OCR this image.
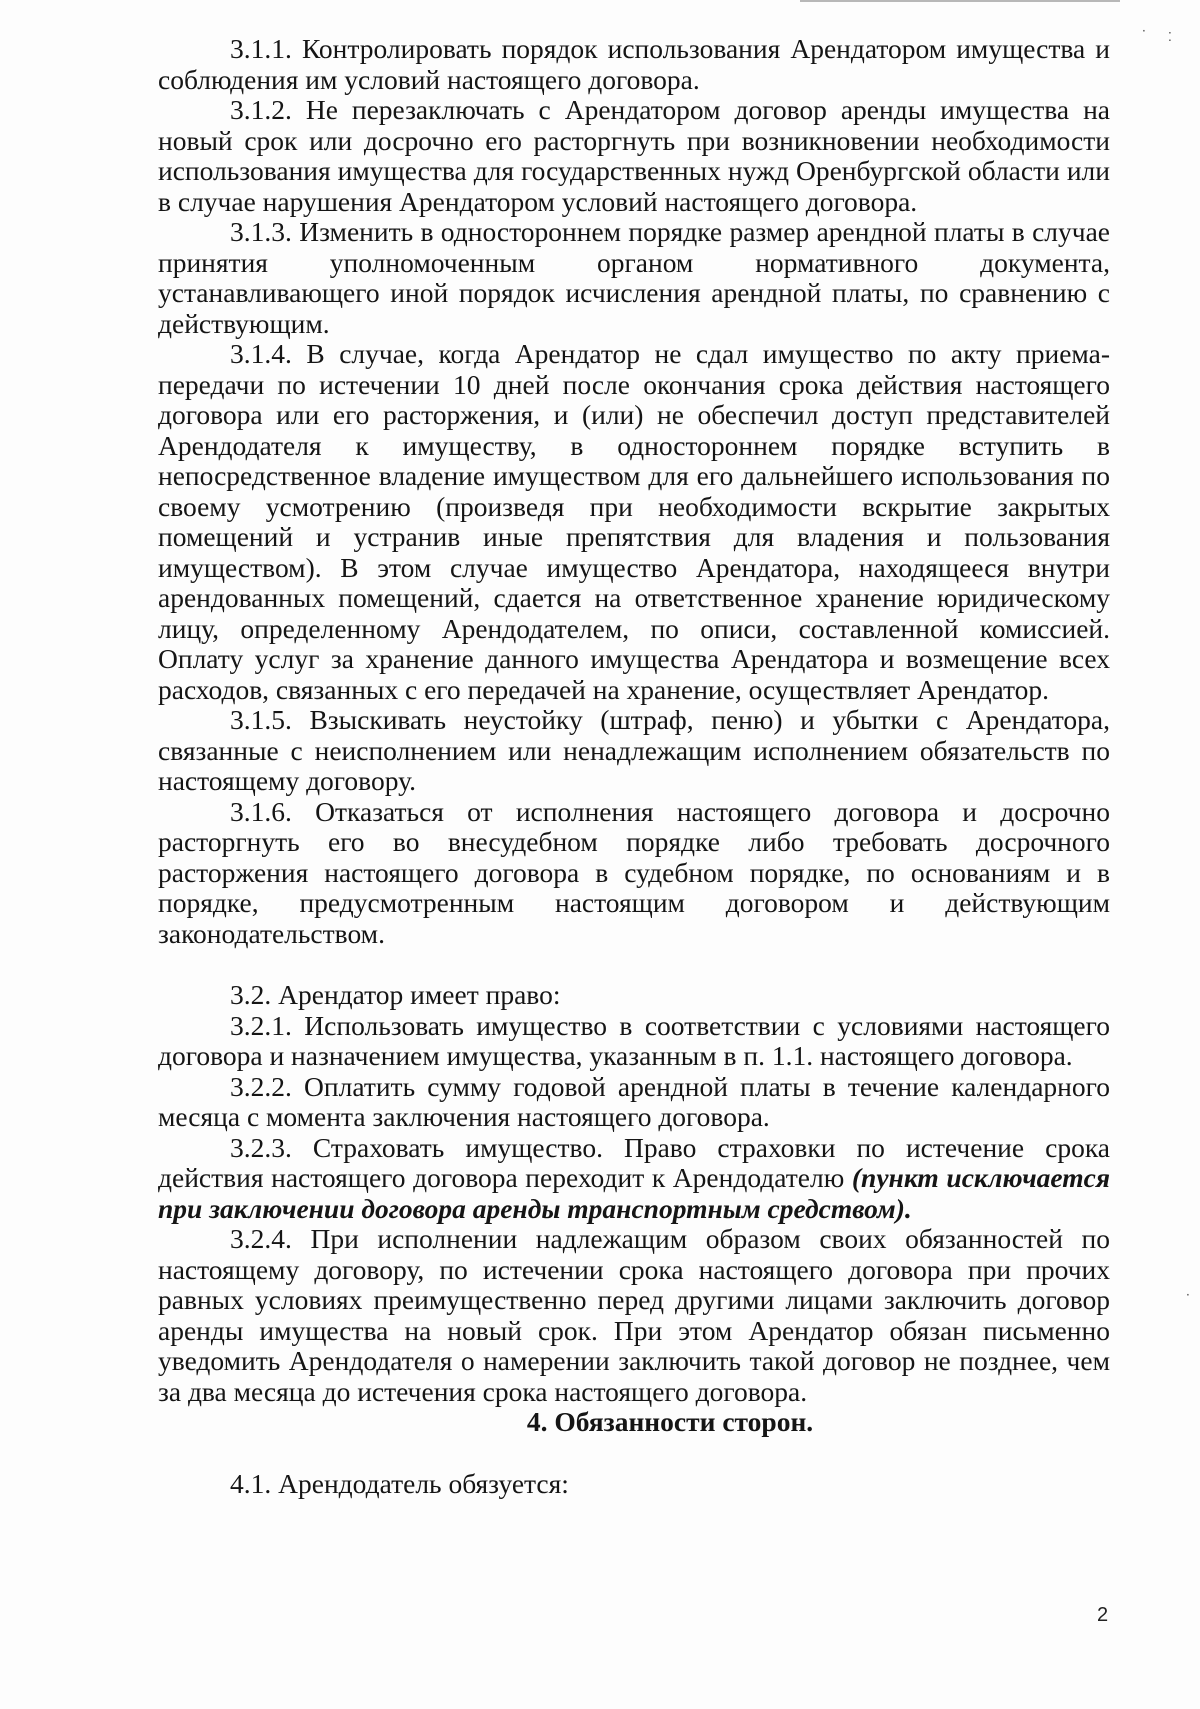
· ⁚
·

3.1.1. Контролировать порядок использования Арендатором имущества и соблюдения им условий настоящего договора.

3.1.2. Не перезаключать с Арендатором договор аренды имущества на новый срок или досрочно его расторгнуть при возникновении необходимости использования имущества для государственных нужд Оренбургской области или в случае нарушения Арендатором условий настоящего договора.

3.1.3. Изменить в одностороннем порядке размер арендной платы в случае принятия уполномоченным органом нормативного документа, устанавливающего иной порядок исчисления арендной платы, по сравнению с действующим.

3.1.4. В случае, когда Арендатор не сдал имущество по акту приема-передачи по истечении 10 дней после окончания срока действия настоящего договора или его расторжения, и (или) не обеспечил доступ представителей Арендодателя к имуществу, в одностороннем порядке вступить в непосредственное владение имуществом для его дальнейшего использования по своему усмотрению (произведя при необходимости вскрытие закрытых помещений и устранив иные препятствия для владения и пользования имуществом). В этом случае имущество Арендатора, находящееся внутри арендованных помещений, сдается на ответственное хранение юридическому лицу, определенному Арендодателем, по описи, составленной комиссией. Оплату услуг за хранение данного имущества Арендатора и возмещение всех расходов, связанных с его передачей на хранение, осуществляет Арендатор.

3.1.5. Взыскивать неустойку (штраф, пеню) и убытки с Арендатора, связанные с неисполнением или ненадлежащим исполнением обязательств по настоящему договору.

3.1.6. Отказаться от исполнения настоящего договора и досрочно расторгнуть его во внесудебном порядке либо требовать досрочного расторжения настоящего договора в судебном порядке, по основаниям и в порядке, предусмотренным настоящим договором и действующим законодательством.

3.2. Арендатор имеет право:

3.2.1. Использовать имущество в соответствии с условиями настоящего договора и назначением имущества, указанным в п. 1.1. настоящего договора.

3.2.2. Оплатить сумму годовой арендной платы в течение календарного месяца с момента заключения настоящего договора.

3.2.3. Страховать имущество. Право страховки по истечение срока действия настоящего договора переходит к Арендодателю (пункт исключается при заключении договора аренды транспортным средством).

3.2.4. При исполнении надлежащим образом своих обязанностей по настоящему договору, по истечении срока настоящего договора при прочих равных условиях преимущественно перед другими лицами заключить договор аренды имущества на новый срок. При этом Арендатор обязан письменно уведомить Арендодателя о намерении заключить такой договор не позднее, чем за два месяца до истечения срока настоящего договора.

4. Обязанности сторон.

4.1. Арендодатель обязуется:

2
